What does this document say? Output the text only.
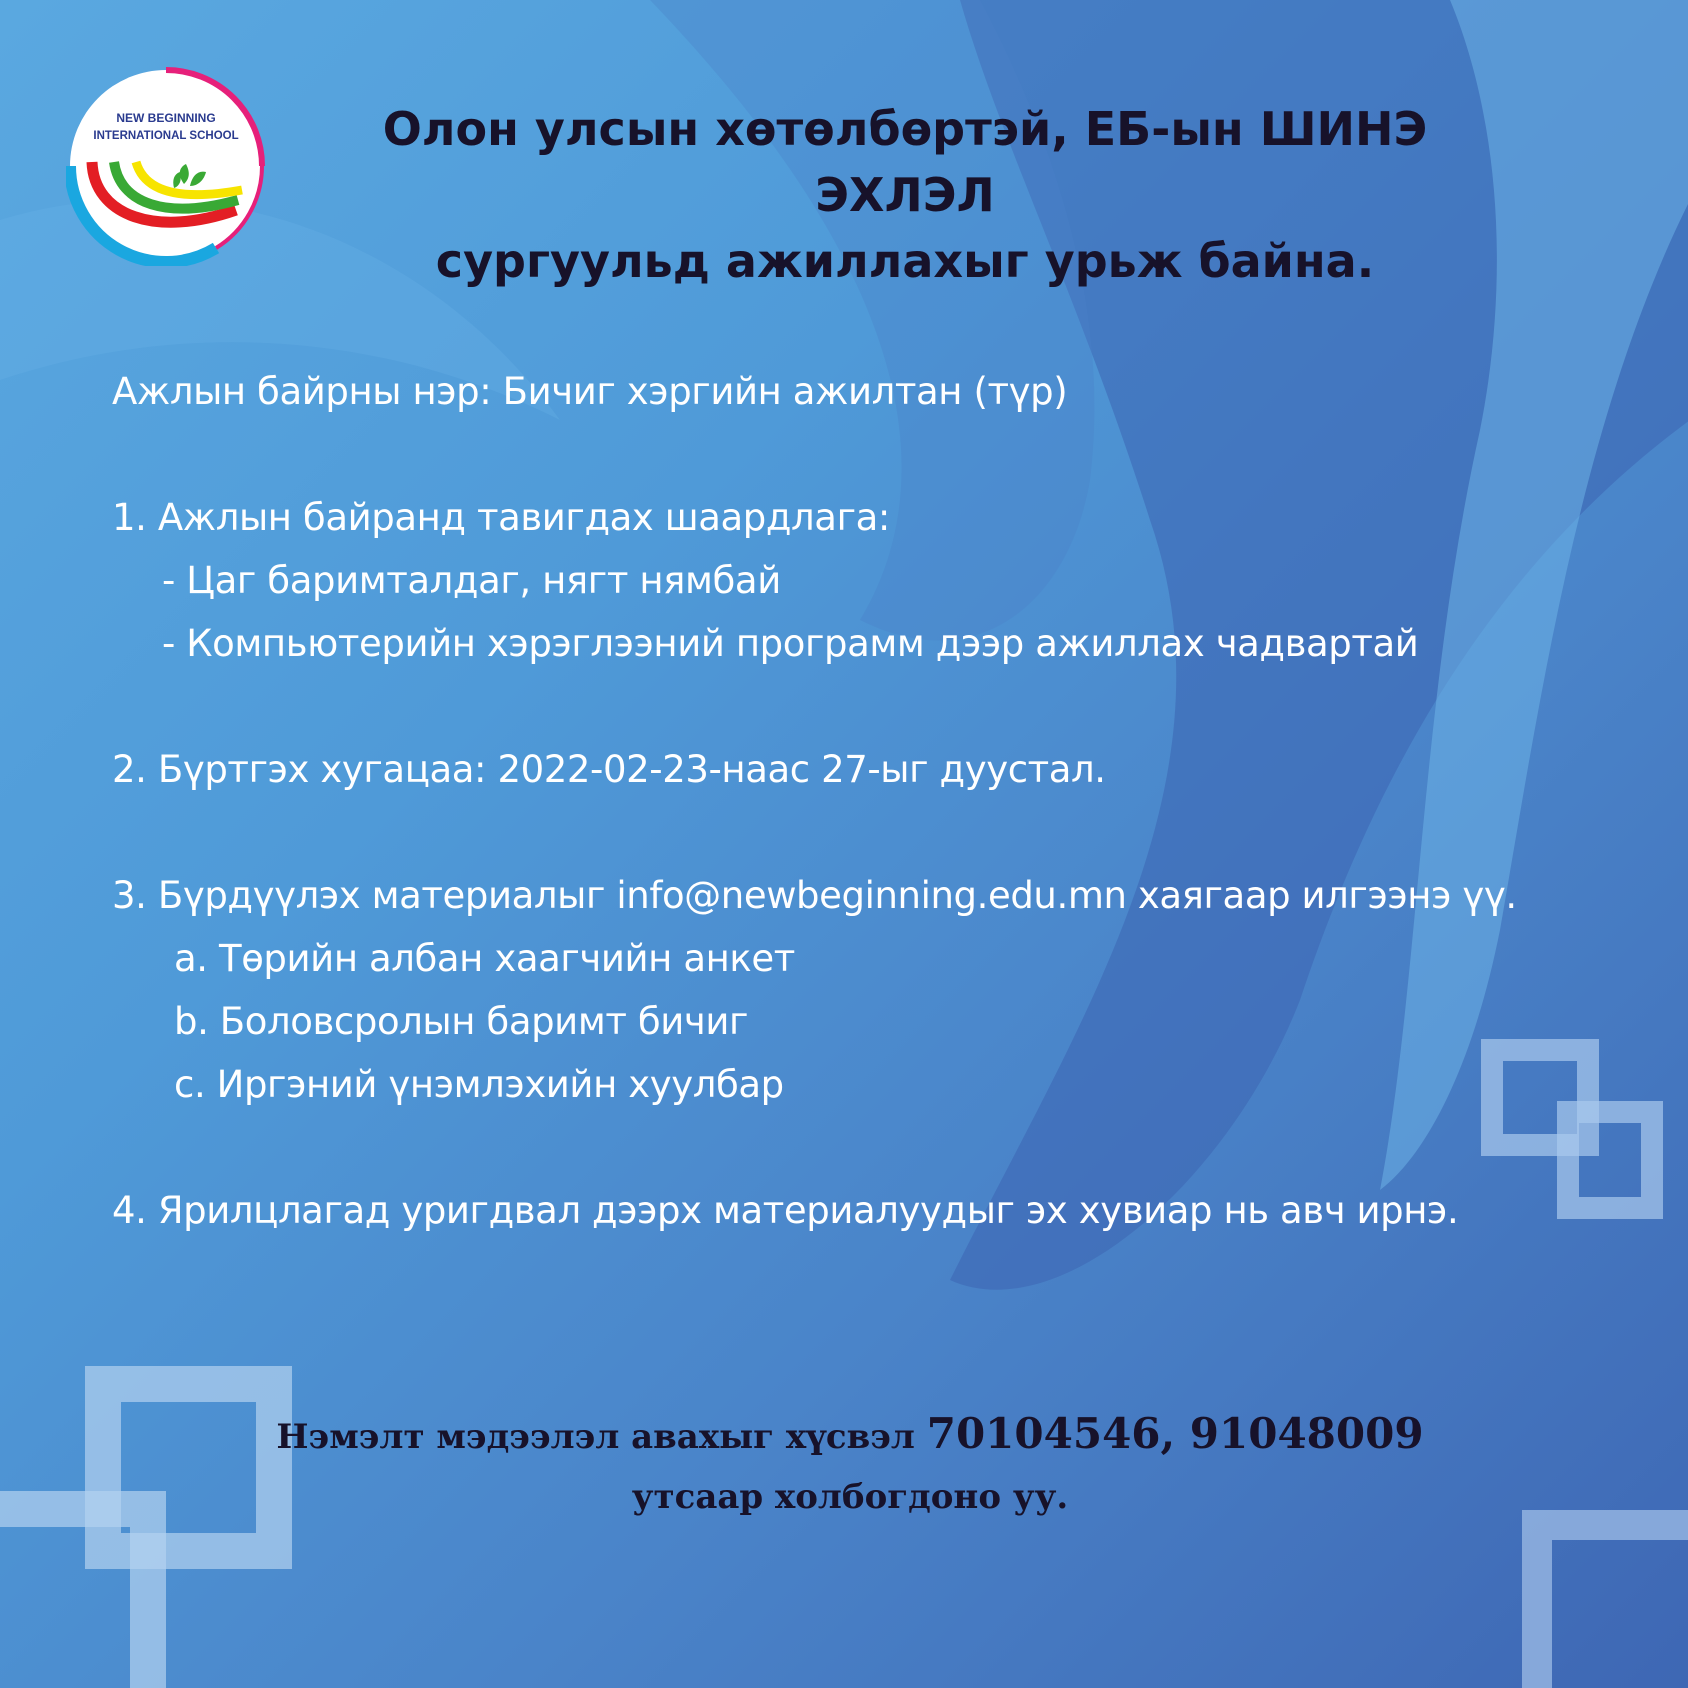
NEW BEGINNING
INTERNATIONAL SCHOOL	Олон улсын хөтөлбөртэй, ЕБ-ын ШИНЭ ЭХЛЭЛ
сургуульд ажиллахыг урьж байна.
Ажлын байрны нэр: Бичиг хэргийн ажилтан (түр)
1. Ажлын байранд тавигдах шаардлага:
- Цаг баримталдаг, нягт нямбай
- Компьютерийн хэрэглээний программ дээр ажиллах чадвартай
2. Бүртгэх хугацаа: 2022-02-23-наас 27-ыг дуустал.
3. Бүрдүүлэх материалыг info@newbeginning.edu.mn хаягаар илгээнэ үү.
a. Төрийн албан хаагчийн анкет
b. Боловсролын баримт бичиг
c. Иргэний үнэмлэхийн хуулбар
4. Ярилцлагад уригдвал дээрх материалуудыг эх хувиар нь авч ирнэ.
Нэмэлт мэдээлэл авахыг хүсвэл 70104546, 91048009
утсаар холбогдоно уу.
